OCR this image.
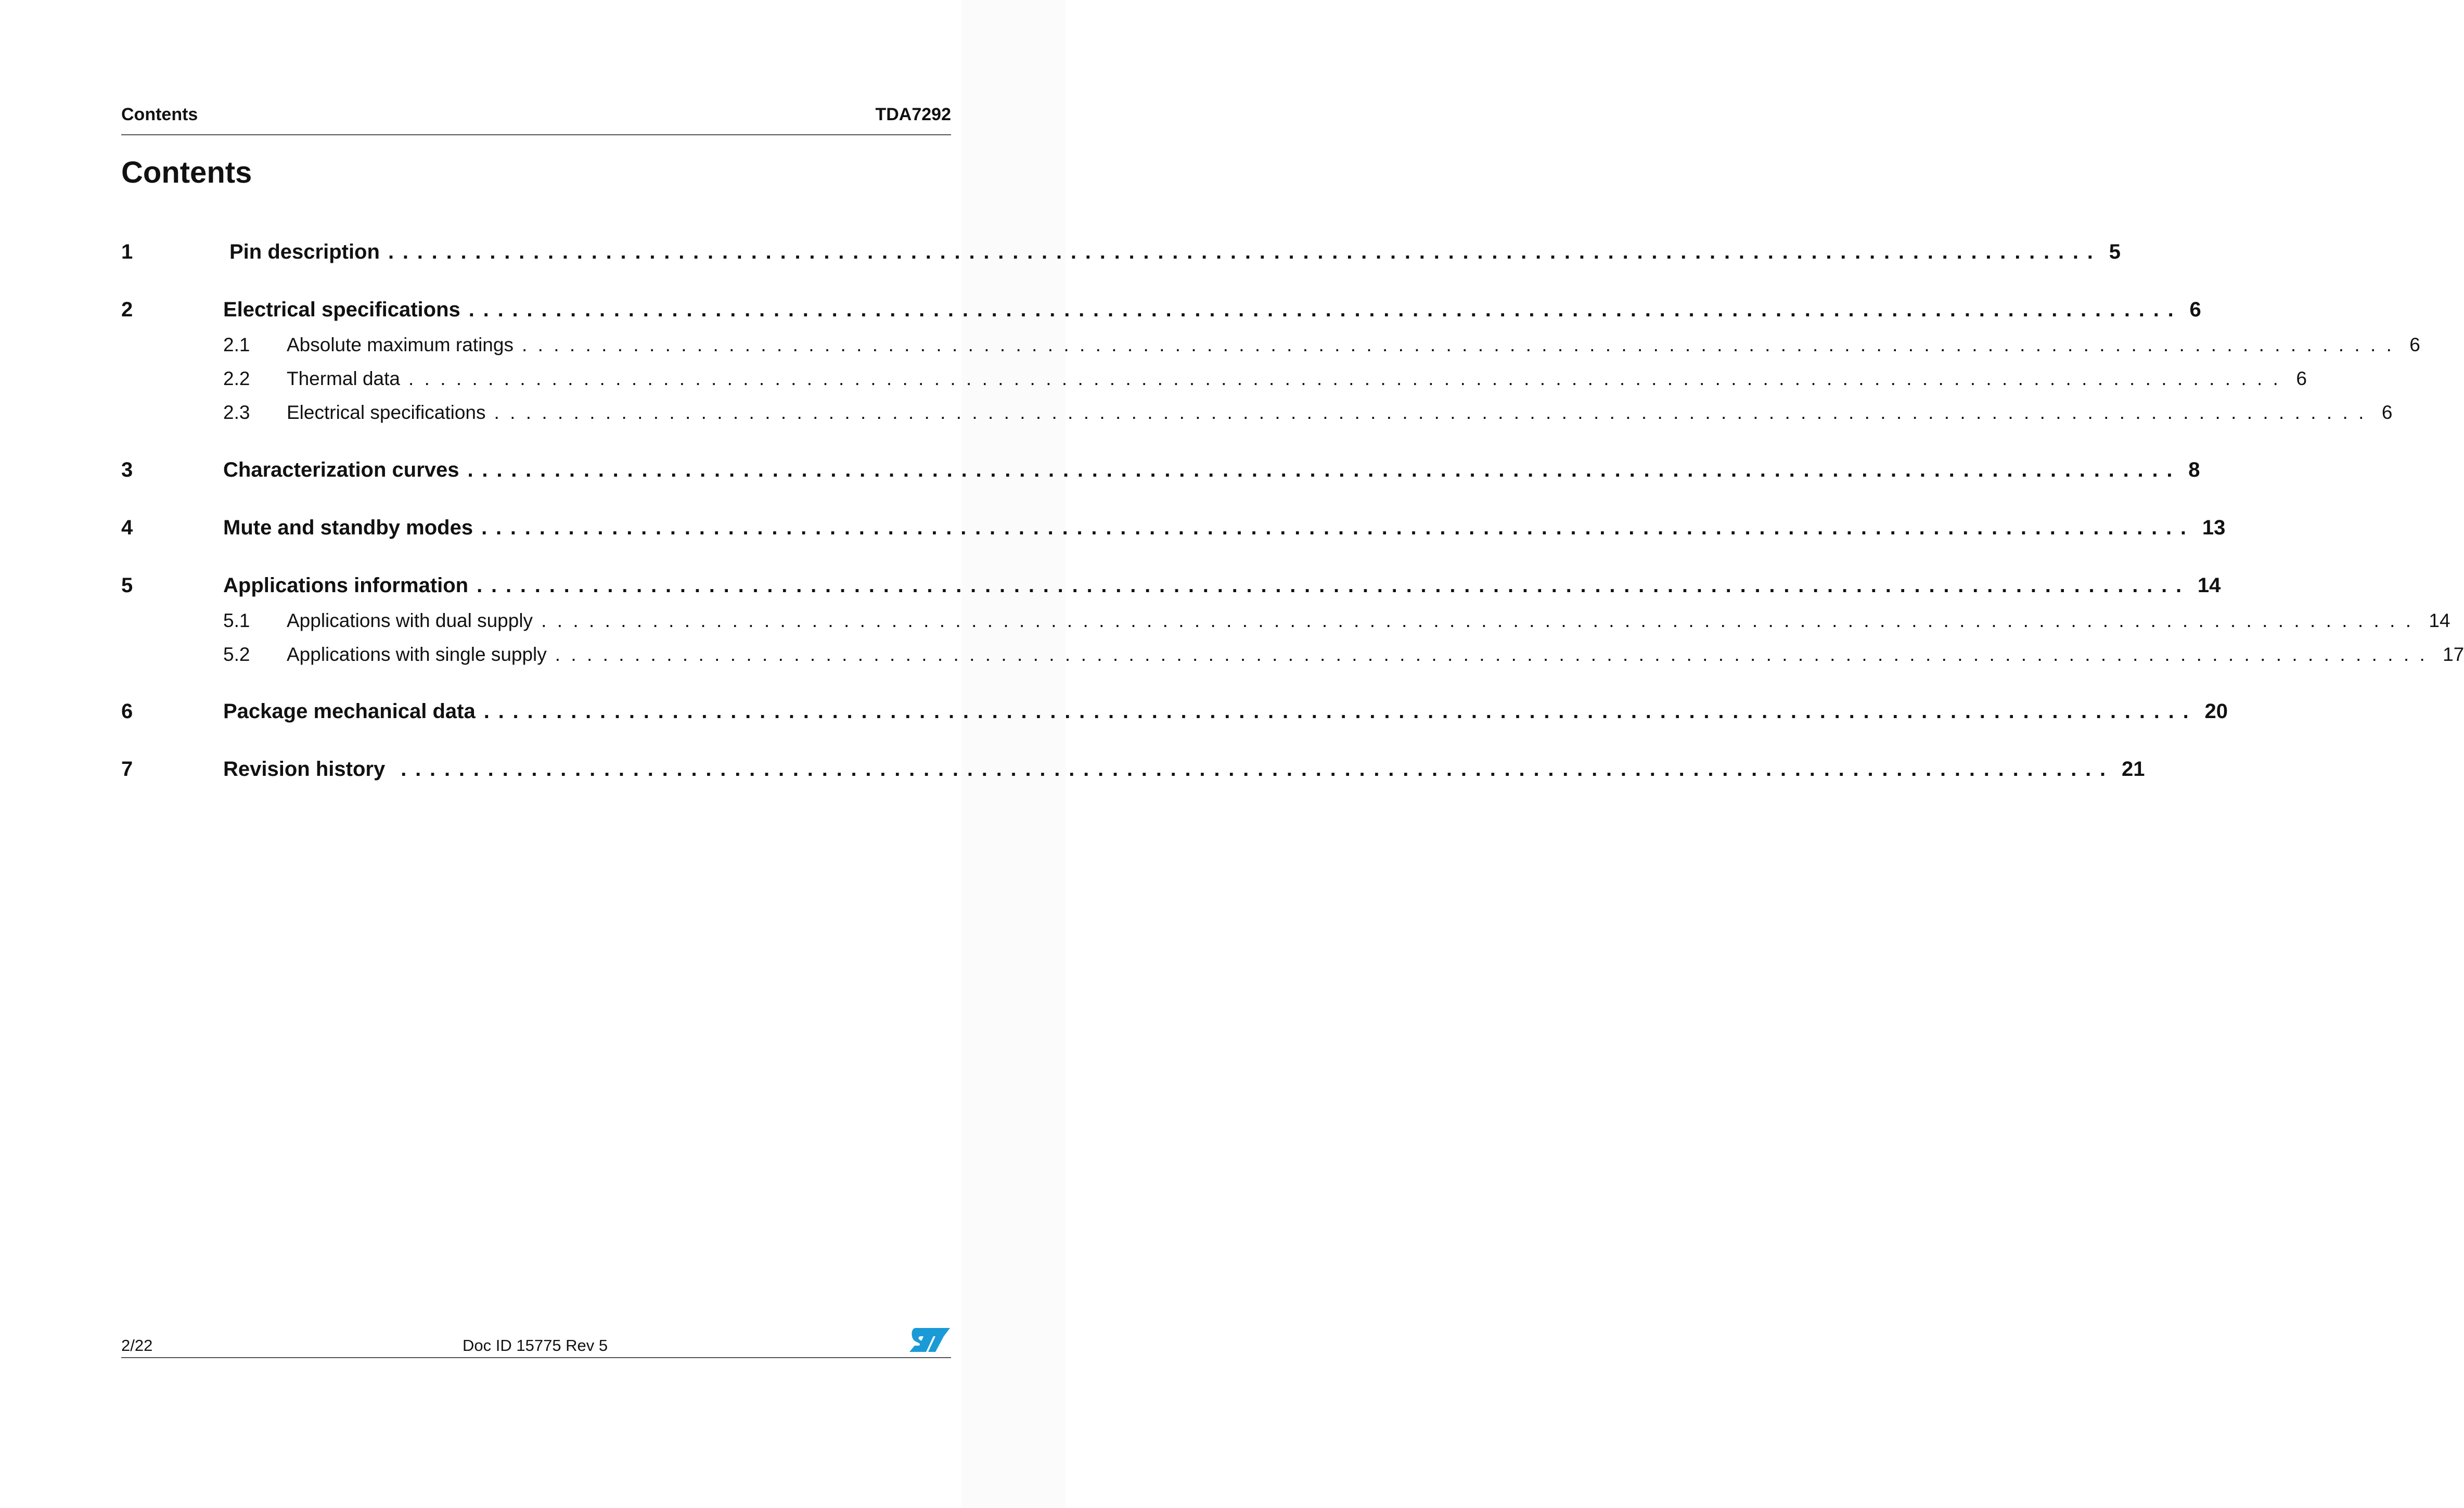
Contents	TDA7292
Contents
1	Pin description ...................................................................................................................... 5
2	Electrical specifications ...................................................................................................................... 6
2.1	Absolute maximum ratings ...................................................................................................................... 6
2.2	Thermal data ...................................................................................................................... 6
2.3	Electrical specifications ...................................................................................................................... 6
3	Characterization curves ...................................................................................................................... 8
4	Mute and standby modes ...................................................................................................................... 13
5	Applications information ...................................................................................................................... 14
5.1	Applications with dual supply ...................................................................................................................... 14
5.2	Applications with single supply ...................................................................................................................... 17
6	Package mechanical data ...................................................................................................................... 20
7	Revision history ...................................................................................................................... 21
2/22	Doc ID 15775 Rev 5
